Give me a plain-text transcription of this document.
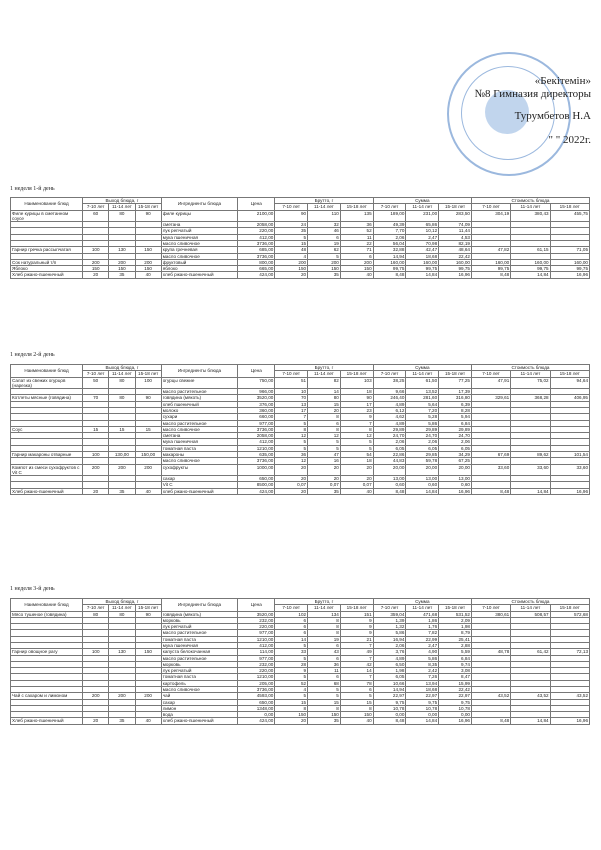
«Бекітемін»
№8 Гимназия директоры
Турумбетов Н.А
" " 2022г.
1 неделя 1-й день
Наименование блюд	Выход блюда, г			Ингредиенты блюда	Цена	Брутто, г			Сумма			Стоимость блюда		
	7-10 лет	11-14 лет	15-18 лет			7-10 лет	11-14 лет	15-18 лет	7-10 лет	11-14 лет	15-18 лет	7-10 лет	11-14 лет	15-18 лет
Филе курицы в сметанном соусе	60	80	90	филе курицы	2100,00	90	110	135	189,00	231,00	283,50	304,19	380,43	455,75
				сметана	2058,00	24	32	36	49,39	65,86	74,09			
				лук репчатый	220,00	35	46	52	7,70	10,12	11,44			
				мука пшеничная	412,00	5	6	11	2,06	2,47	4,53			
				масло сливочное	3736,00	15	19	22	56,04	70,98	82,19			
Гарнир гречка рассыпчатая	100	130	150	крупа гречневая	685,00	48	62	71	32,88	42,47	48,64	47,82	61,15	71,05
				масло сливочное	3736,00	4	5	6	14,94	18,68	22,42			
Сок натуральный т/п	200	200	200	фруктовый	800,00	200	200	200	160,00	160,00	160,00	160,00	160,00	160,00
Яблоко	150	150	150	яблоко	665,00	150	150	150	99,75	99,75	99,75	99,75	99,75	99,75
Хлеб ржано-пшеничный	20	35	40	хлеб ржано-пшеничный	424,00	20	35	40	8,48	14,84	16,96	8,48	14,84	16,96
1 неделя 2-й день
Наименование блюд	Выход блюда, г			Ингредиенты блюда	Цена	Брутто, г			Сумма			Стоимость блюда		
	7-10 лет	11-14 лет	15-18 лет			7-10 лет	11-14 лет	15-18 лет	7-10 лет	11-14 лет	15-18 лет	7-10 лет	11-14 лет	15-18 лет
Салат из свежих огурцов (нарезка)	50	80	100	огурцы свежие	750,00	51	82	103	38,25	61,50	77,25	47,91	75,02	94,64
				масло растительное	966,00	10	14	18	9,66	13,52	17,39			
Котлеты мясные (говядина)	70	80	90	говядина (мякоть)	3520,00	70	80	90	246,40	281,60	316,80	329,61	368,28	406,95
				хлеб пшеничный	376,00	13	15	17	4,89	5,64	6,39			
				молоко	360,00	17	20	23	6,12	7,20	8,28			
				сухари	660,00	7	8	9	4,62	5,28	5,94			
				масло растительное	977,00	5	6	7	4,89	5,86	6,84			
Соус	15	15	15	масло сливочное	3736,00	8	8	8	29,89	29,89	29,89			
				сметана	2058,00	12	12	12	24,70	24,70	24,70			
				мука пшеничная	412,00	5	5	5	2,06	2,06	2,06			
				томатная паста	1210,00	5	5	5	6,05	6,05	6,05			
Гарнир макароны отварные	100	130,00	150,00	макароны	635,00	36	47	54	22,86	29,85	34,29	67,69	89,62	101,54
				масло сливочное	3736,00	12	16	18	44,83	59,78	67,25			
Компот из смеси сухофруктов с Vit C	200	200	200	сухофрукты	1000,00	20	20	20	20,00	20,00	20,00	33,60	33,60	33,60
				сахар	650,00	20	20	20	13,00	13,00	13,00			
				Vit C	8500,00	0,07	0,07	0,07	0,60	0,60	0,60			
Хлеб ржано-пшеничный	20	35	40	хлеб ржано-пшеничный	424,00	20	35	40	8,48	14,84	16,96	8,48	14,84	16,96
1 неделя 3-й день
Наименование блюд	Выход блюда, г			Ингредиенты блюда	Цена	Брутто, г			Сумма			Стоимость блюда		
	7-10 лет	11-14 лет	15-18 лет			7-10 лет	11-14 лет	15-18 лет	7-10 лет	11-14 лет	15-18 лет	7-10 лет	11-14 лет	15-18 лет
Мясо тушеное (говядина)	80	80	90	говядина (мякоть)	3520,00	102	134	151	359,04	471,68	531,52	380,61	508,57	572,68
				морковь	232,00	6	8	9	1,39	1,86	2,09			
				лук репчатый	220,00	6	8	9	1,32	1,76	1,98			
				масло растительное	977,00	6	8	9	5,86	7,82	8,79			
				томатная паста	1210,00	14	19	21	16,94	22,99	25,41			
				мука пшеничная	412,00	5	6	7	2,06	2,47	2,88			
Гарнир овощное рагу	100	130	150	капуста белокочанная	114,00	33	43	49	3,76	4,90	5,59	48,78	61,42	72,13
				масло растительное	977,00	5	6	7	4,89	5,86	6,84			
				морковь	232,00	28	36	42	6,50	8,35	9,74			
				лук репчатый	220,00	9	11	14	1,98	2,42	3,08			
				томатная паста	1210,00	5	6	7	6,05	7,26	8,47			
				картофель	205,00	52	68	78	10,66	13,94	15,99			
				масло сливочное	3736,00	4	5	6	14,94	18,68	22,42			
Чай с сахаром и лимоном	200	200	200	чай	4593,00	5	5	5	22,97	22,97	22,97	43,52	43,52	43,52
				сахар	650,00	15	15	15	9,75	9,75	9,75			
				лимон	1348,00	8	8	8	10,78	10,78	10,78			
				вода	0,00	150	150	150	0,00	0,00	0,00			
Хлеб ржано-пшеничный	20	35	40	хлеб ржано-пшеничный	424,00	20	35	40	8,48	14,84	16,96	8,48	14,84	16,96
